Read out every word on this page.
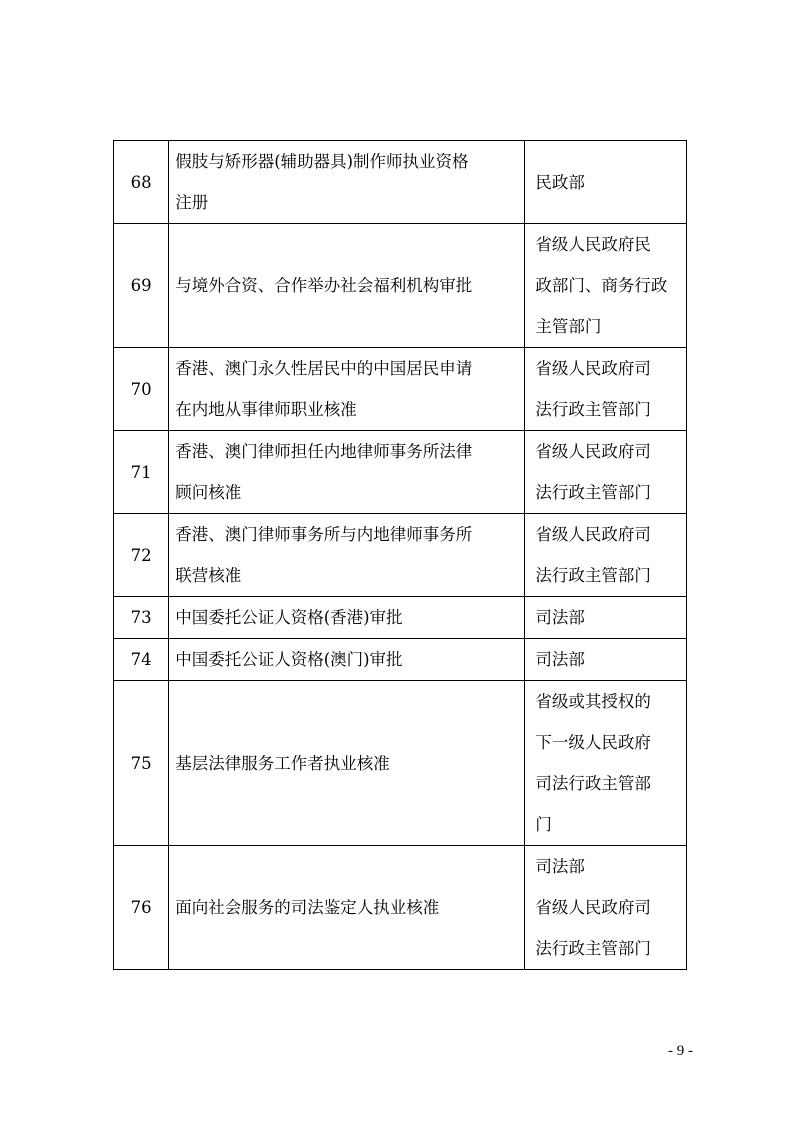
68	假肢与矫形器(辅助器具)制作师执业资格
注册	民政部

69	与境外合资、合作举办社会福利机构审批	省级人民政府民
政部门、商务行政
主管部门

70	香港、澳门永久性居民中的中国居民申请
在内地从事律师职业核准	省级人民政府司
法行政主管部门

71	香港、澳门律师担任内地律师事务所法律
顾问核准	省级人民政府司
法行政主管部门

72	香港、澳门律师事务所与内地律师事务所
联营核准	省级人民政府司
法行政主管部门

73	中国委托公证人资格(香港)审批	司法部

74	中国委托公证人资格(澳门)审批	司法部

75	基层法律服务工作者执业核准	省级或其授权的
下一级人民政府
司法行政主管部
门

76	面向社会服务的司法鉴定人执业核准	司法部
省级人民政府司
法行政主管部门
- 9 -
